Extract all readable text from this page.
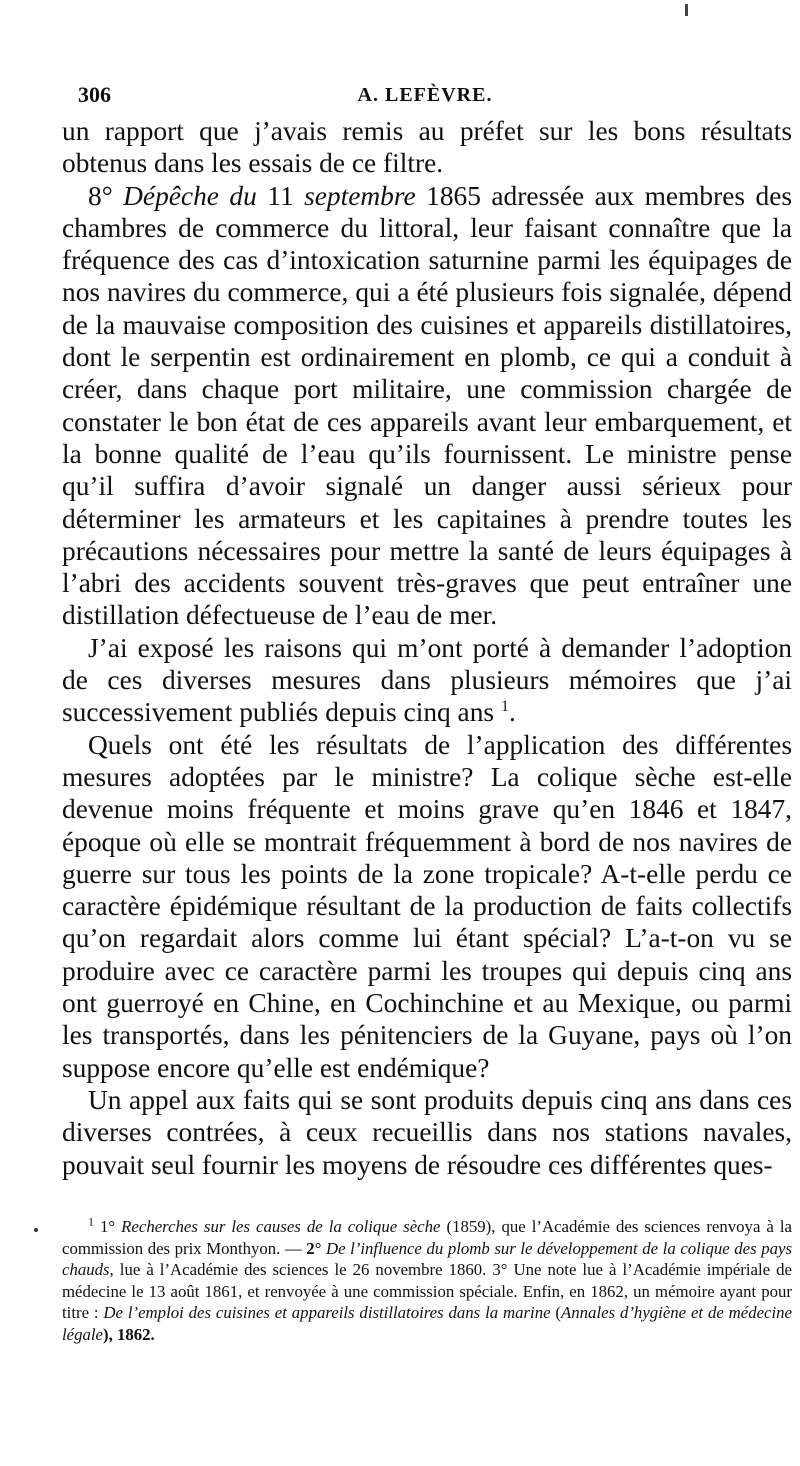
306	A. LEFÈVRE.

un rapport que j’avais remis au préfet sur les bons résultats obtenus dans les essais de ce filtre.

8° Dépêche du 11 septembre 1865 adressée aux membres des chambres de commerce du littoral, leur faisant connaître que la fréquence des cas d’intoxication saturnine parmi les équipages de nos navires du commerce, qui a été plusieurs fois signalée, dépend de la mauvaise composition des cuisines et appareils distillatoires, dont le serpentin est ordinairement en plomb, ce qui a conduit à créer, dans chaque port militaire, une commission chargée de constater le bon état de ces appareils avant leur embarquement, et la bonne qualité de l’eau qu’ils fournissent. Le ministre pense qu’il suffira d’avoir signalé un danger aussi sérieux pour déterminer les armateurs et les capitaines à prendre toutes les précautions nécessaires pour mettre la santé de leurs équipages à l’abri des accidents souvent très-graves que peut entraîner une distillation défectueuse de l’eau de mer.

J’ai exposé les raisons qui m’ont porté à demander l’adoption de ces diverses mesures dans plusieurs mémoires que j’ai successivement publiés depuis cinq ans $^1$.

Quels ont été les résultats de l’application des différentes mesures adoptées par le ministre? La colique sèche est-elle devenue moins fréquente et moins grave qu’en 1846 et 1847, époque où elle se montrait fréquemment à bord de nos navires de guerre sur tous les points de la zone tropicale? A-t-elle perdu ce caractère épidémique résultant de la production de faits collectifs qu’on regardait alors comme lui étant spécial? L’a-t-on vu se produire avec ce caractère parmi les troupes qui depuis cinq ans ont guerroyé en Chine, en Cochinchine et au Mexique, ou parmi les transportés, dans les pénitenciers de la Guyane, pays où l’on suppose encore qu’elle est endémique?

Un appel aux faits qui se sont produits depuis cinq ans dans ces diverses contrées, à ceux recueillis dans nos stations navales, pouvait seul fournir les moyens de résoudre ces différentes ques-

$^1$ 1° Recherches sur les causes de la colique sèche (1859), que l’Académie des sciences renvoya à la commission des prix Monthyon. — 2° De l’influence du plomb sur le développement de la colique des pays chauds, lue à l’Académie des sciences le 26 novembre 1860. 3° Une note lue à l’Académie impériale de médecine le 13 août 1861, et renvoyée à une commission spéciale. Enfin, en 1862, un mémoire ayant pour titre : De l’emploi des cuisines et appareils distillatoires dans la marine (Annales d’hygiène et de médecine légale), 1862.
